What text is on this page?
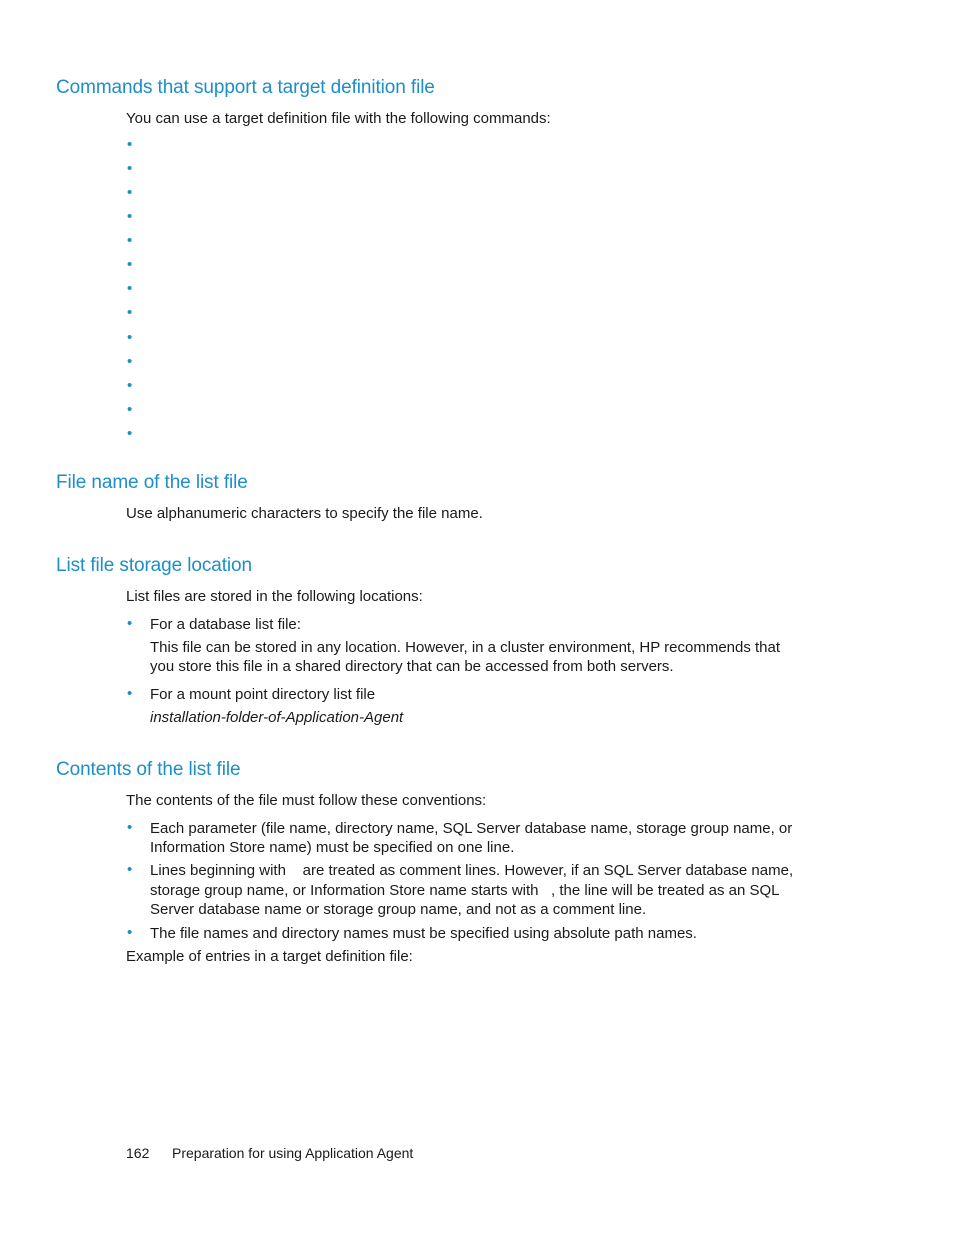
Commands that support a target definition file

You can use a target definition file with the following commands:

•
•
•
•
•
•
•
•
•
•
•
•
•
File name of the list file

Use alphanumeric characters to specify the file name.

List file storage location

List files are stored in the following locations:

• For a database list file:

This file can be stored in any location. However, in a cluster environment, HP recommends that

you store this file in a shared directory that can be accessed from both servers.

• For a mount point directory list file

installation-folder-of-Application-Agent

Contents of the list file

The contents of the file must follow these conventions:

• Each parameter (file name, directory name, SQL Server database name, storage group name, or

Information Store name) must be specified on one line.

• Lines beginning with    are treated as comment lines. However, if an SQL Server database name,

storage group name, or Information Store name starts with   , the line will be treated as an SQL

Server database name or storage group name, and not as a comment line.

• The file names and directory names must be specified using absolute path names.

Example of entries in a target definition file:

162 Preparation for using Application Agent
